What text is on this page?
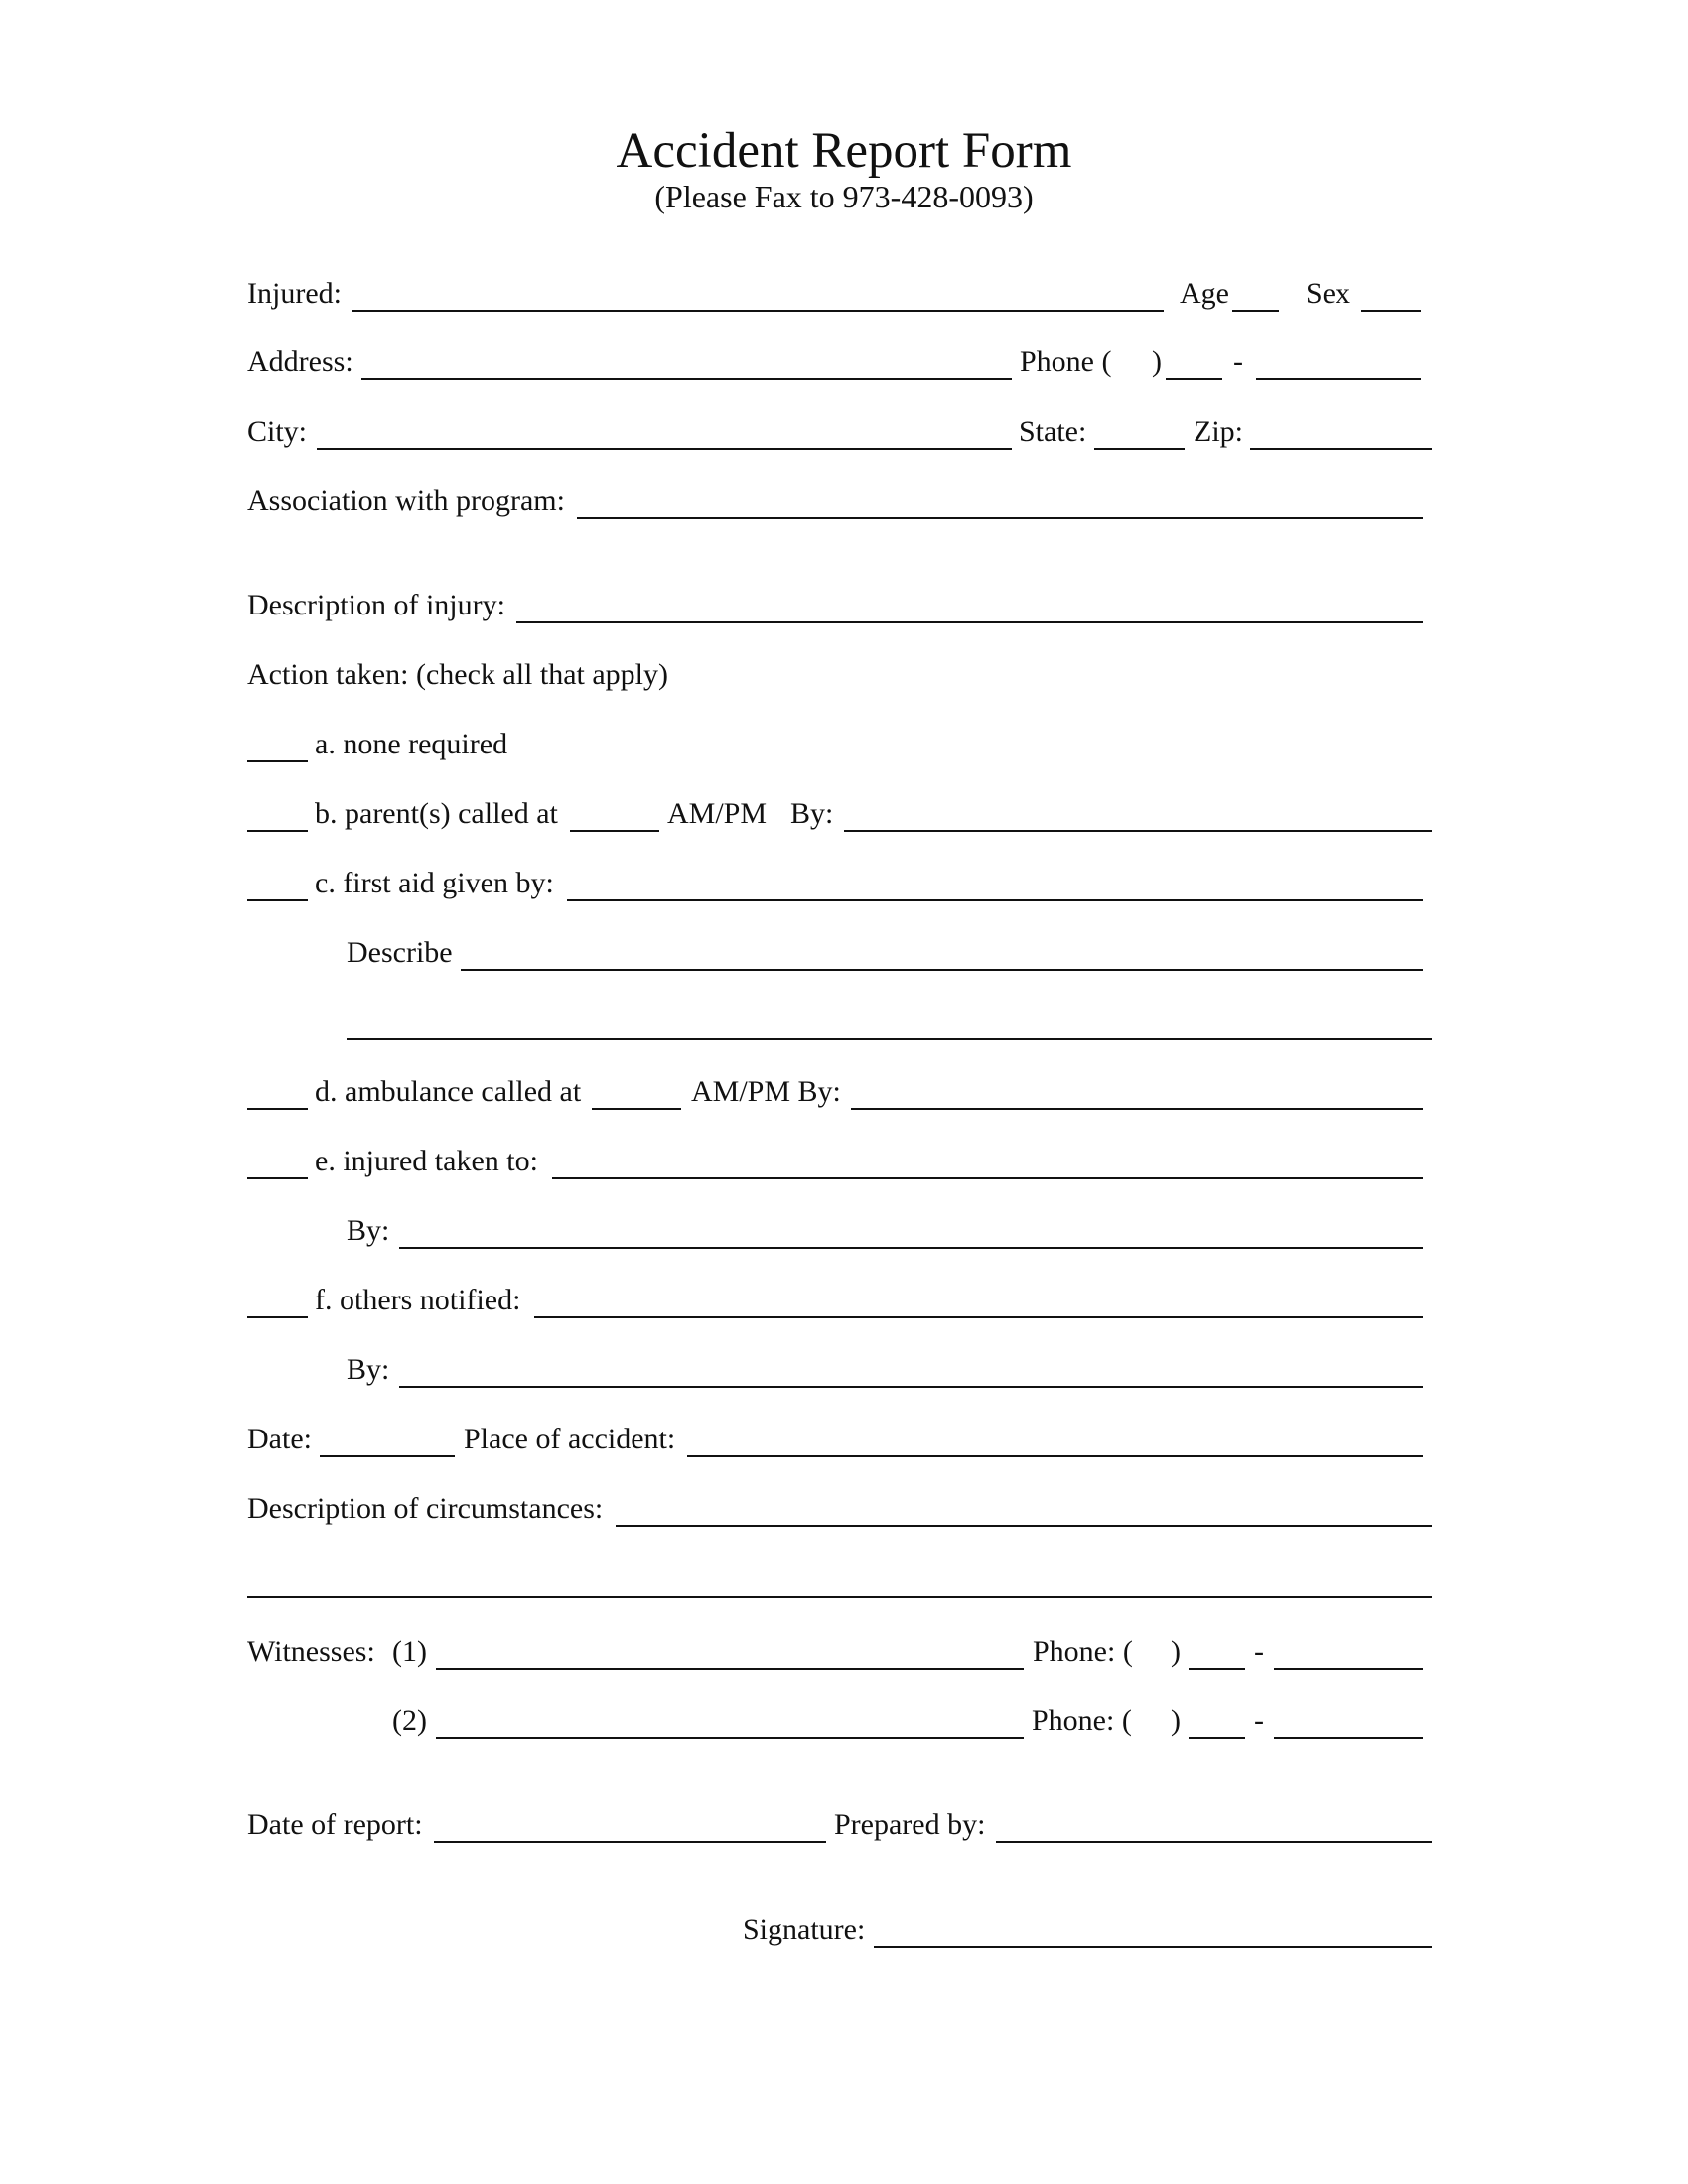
Accident Report Form
(Please Fax to 973-428-0093)
Injured:	Age	Sex
Address:	Phone ( ) -
City:	State:	Zip:
Association with program:
Description of injury:
Action taken: (check all that apply)
a. none required
b. parent(s) called at	AM/PM By:
c. first aid given by:
Describe
d. ambulance called at	AM/PM By:
e. injured taken to:
By:
f. others notified:
By:
Date:	Place of accident:
Description of circumstances:
Witnesses: (1)	Phone: ( ) -
(2)	Phone: ( ) -
Date of report:	Prepared by:
Signature:
